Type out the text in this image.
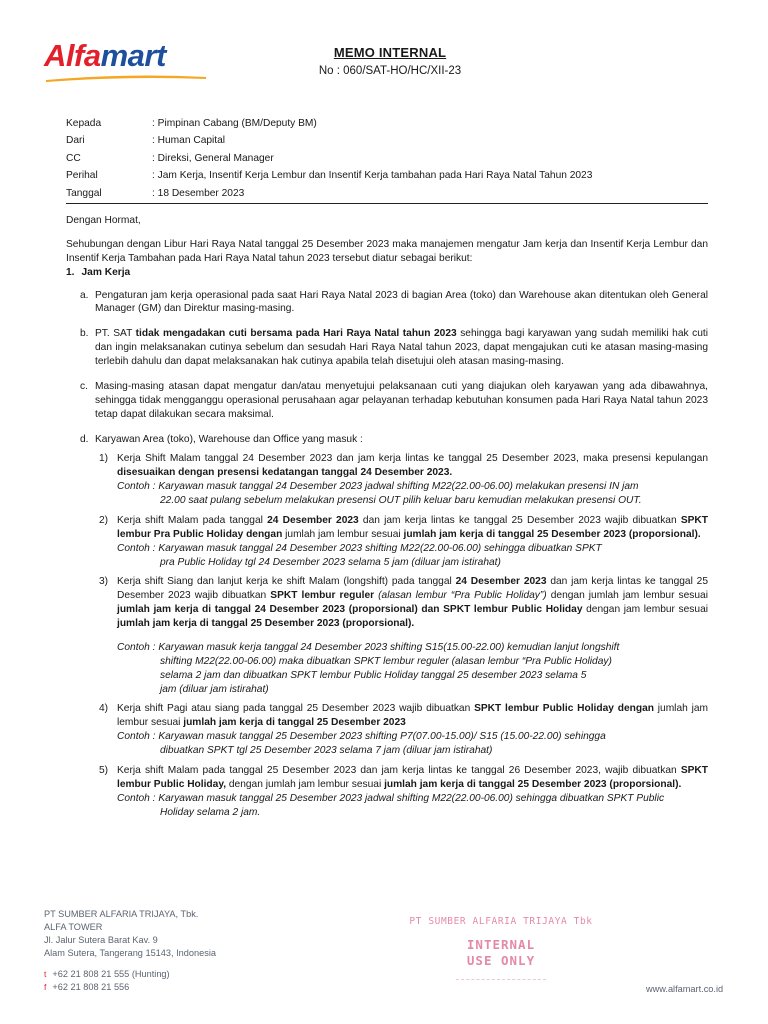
Alfamart	MEMO INTERNAL
No : 060/SAT-HO/HC/XII-23
Kepada	: Pimpinan Cabang (BM/Deputy BM)
Dari	: Human Capital
CC	: Direksi, General Manager
Perihal	: Jam Kerja, Insentif Kerja Lembur dan Insentif Kerja tambahan pada Hari Raya Natal Tahun 2023
Tanggal	: 18 Desember 2023

Dengan Hormat,

Sehubungan dengan Libur Hari Raya Natal tanggal 25 Desember 2023 maka manajemen mengatur Jam kerja dan Insentif Kerja Lembur dan Insentif Kerja Tambahan pada Hari Raya Natal tahun 2023 tersebut diatur sebagai berikut:

1. Jam Kerja

a. Pengaturan jam kerja operasional pada saat Hari Raya Natal 2023 di bagian Area (toko) dan Warehouse akan ditentukan oleh General Manager (GM) dan Direktur masing-masing.
b. PT. SAT tidak mengadakan cuti bersama pada Hari Raya Natal tahun 2023 sehingga bagi karyawan yang sudah memiliki hak cuti dan ingin melaksanakan cutinya sebelum dan sesudah Hari Raya Natal tahun 2023, dapat mengajukan cuti ke atasan masing-masing terlebih dahulu dan dapat melaksanakan hak cutinya apabila telah disetujui oleh atasan masing-masing.
c. Masing-masing atasan dapat mengatur dan/atau menyetujui pelaksanaan cuti yang diajukan oleh karyawan yang ada dibawahnya, sehingga tidak mengganggu operasional perusahaan agar pelayanan terhadap kebutuhan konsumen pada Hari Raya Natal tahun 2023 tetap dapat dilakukan secara maksimal.
d. Karyawan Area (toko), Warehouse dan Office yang masuk :
1) Kerja Shift Malam tanggal 24 Desember 2023 dan jam kerja lintas ke tanggal 25 Desember 2023, maka presensi kepulangan disesuaikan dengan presensi kedatangan tanggal 24 Desember 2023.
Contoh : Karyawan masuk tanggal 24 Desember 2023 jadwal shifting M22(22.00-06.00) melakukan presensi IN jam
22.00 saat pulang sebelum melakukan presensi OUT pilih keluar baru kemudian melakukan presensi OUT.
2) Kerja shift Malam pada tanggal 24 Desember 2023 dan jam kerja lintas ke tanggal 25 Desember 2023 wajib dibuatkan SPKT lembur Pra Public Holiday dengan jumlah jam lembur sesuai jumlah jam kerja di tanggal 25 Desember 2023 (proporsional).
Contoh : Karyawan masuk tanggal 24 Desember 2023 shifting M22(22.00-06.00) sehingga dibuatkan SPKT
pra Public Holiday tgl 24 Desember 2023 selama 5 jam (diluar jam istirahat)
3) Kerja shift Siang dan lanjut kerja ke shift Malam (longshift) pada tanggal 24 Desember 2023 dan jam kerja lintas ke tanggal 25 Desember 2023 wajib dibuatkan SPKT lembur reguler (alasan lembur “Pra Public Holiday”) dengan jumlah jam lembur sesuai jumlah jam kerja di tanggal 24 Desember 2023 (proporsional) dan SPKT lembur Public Holiday dengan jam lembur sesuai jumlah jam kerja di tanggal 25 Desember 2023 (proporsional).
Contoh : Karyawan masuk kerja tanggal 24 Desember 2023 shifting S15(15.00-22.00) kemudian lanjut longshift
shifting M22(22.00-06.00) maka dibuatkan SPKT lembur reguler (alasan lembur “Pra Public Holiday)
selama 2 jam dan dibuatkan SPKT lembur Public Holiday tanggal 25 desember 2023 selama 5
jam (diluar jam istirahat)
4) Kerja shift Pagi atau siang pada tanggal 25 Desember 2023 wajib dibuatkan SPKT lembur Public Holiday dengan jumlah jam lembur sesuai jumlah jam kerja di tanggal 25 Desember 2023
Contoh : Karyawan masuk tanggal 25 Desember 2023 shifting P7(07.00-15.00)/ S15 (15.00-22.00) sehingga
dibuatkan SPKT tgl 25 Desember 2023 selama 7 jam (diluar jam istirahat)
5) Kerja shift Malam pada tanggal 25 Desember 2023 dan jam kerja lintas ke tanggal 26 Desember 2023, wajib dibuatkan SPKT lembur Public Holiday, dengan jumlah jam lembur sesuai jumlah jam kerja di tanggal 25 Desember 2023 (proporsional).
Contoh : Karyawan masuk tanggal 25 Desember 2023 jadwal shifting M22(22.00-06.00) sehingga dibuatkan SPKT Public
Holiday selama 2 jam.
PT SUMBER ALFARIA TRIJAYA, Tbk.
ALFA TOWER
Jl. Jalur Sutera Barat Kav. 9
Alam Sutera, Tangerang 15143, Indonesia
t +62 21 808 21 555 (Hunting)
f +62 21 808 21 556	www.alfamart.co.id
PT SUMBER ALFARIA TRIJAYA Tbk
INTERNAL
USE ONLY
